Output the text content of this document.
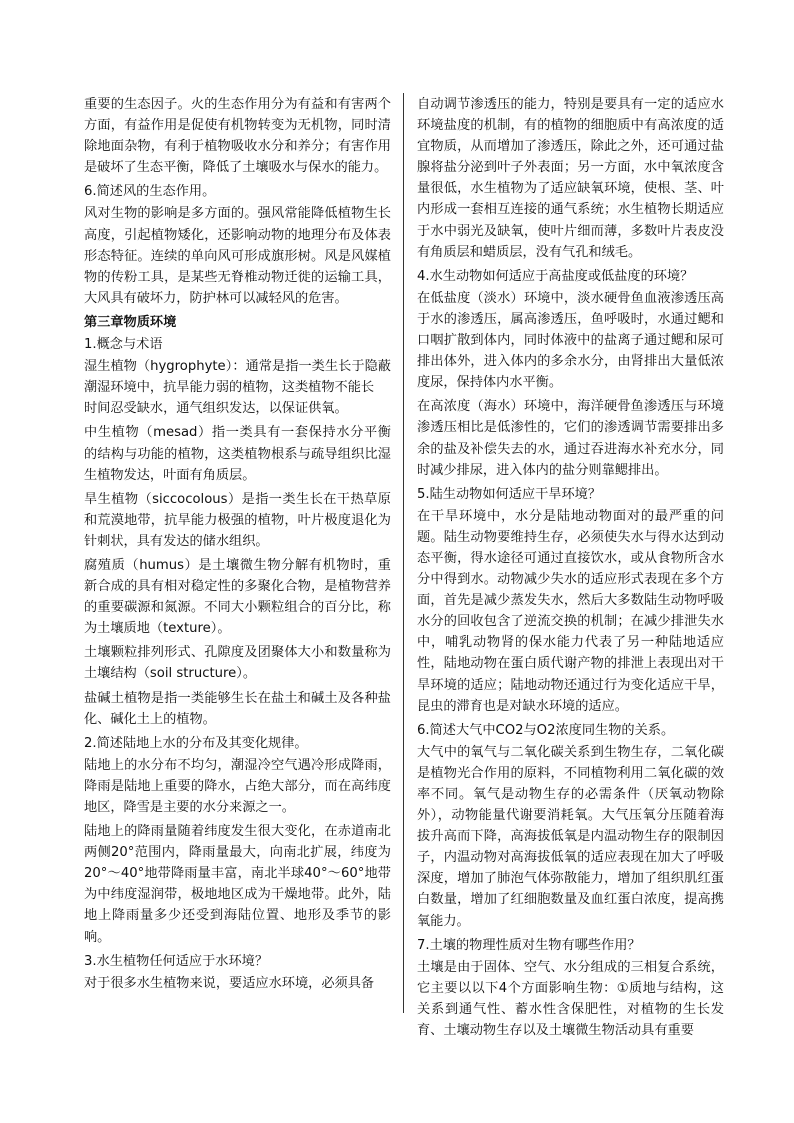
重要的生态因子。火的生态作用分为有益和有害两个方面，有益作用是促使有机物转变为无机物，同时清除地面杂物，有利于植物吸收水分和养分；有害作用是破坏了生态平衡，降低了土壤吸水与保水的能力。

6.简述风的生态作用。

风对生物的影响是多方面的。强风常能降低植物生长高度，引起植物矮化，还影响动物的地理分布及体表形态特征。连续的单向风可形成旗形树。风是风媒植物的传粉工具，是某些无脊椎动物迁徙的运输工具，大风具有破坏力，防护林可以减轻风的危害。

第三章物质环境

1.概念与术语

湿生植物（hygrophyte）：通常是指一类生长于隐蔽潮湿环境中，抗旱能力弱的植物，这类植物不能长

时间忍受缺水，通气组织发达，以保证供氧。

中生植物（mesad）指一类具有一套保持水分平衡的结构与功能的植物，这类植物根系与疏导组织比湿生植物发达，叶面有角质层。

旱生植物（siccocolous）是指一类生长在干热草原和荒漠地带，抗旱能力极强的植物，叶片极度退化为针刺状，具有发达的储水组织。

腐殖质（humus）是土壤微生物分解有机物时，重新合成的具有相对稳定性的多聚化合物，是植物营养的重要碳源和氮源。不同大小颗粒组合的百分比，称为土壤质地（texture）。

土壤颗粒排列形式、孔隙度及团聚体大小和数量称为土壤结构（soil structure）。

盐碱土植物是指一类能够生长在盐土和碱土及各种盐化、碱化土上的植物。

2.简述陆地上水的分布及其变化规律。

陆地上的水分布不均匀，潮湿冷空气遇冷形成降雨，降雨是陆地上重要的降水，占绝大部分，而在高纬度地区，降雪是主要的水分来源之一。

陆地上的降雨量随着纬度发生很大变化，在赤道南北两侧20°范围内，降雨量最大，向南北扩展，纬度为20°～40°地带降雨量丰富，南北半球40°～60°地带为中纬度湿润带，极地地区成为干燥地带。此外，陆地上降雨量多少还受到海陆位置、地形及季节的影响。

3.水生植物任何适应于水环境？

对于很多水生植物来说，要适应水环境，必须具备

自动调节渗透压的能力，特别是要具有一定的适应水环境盐度的机制，有的植物的细胞质中有高浓度的适宜物质，从而增加了渗透压，除此之外，还可通过盐腺将盐分泌到叶子外表面；另一方面，水中氧浓度含量很低，水生植物为了适应缺氧环境，使根、茎、叶内形成一套相互连接的通气系统；水生植物长期适应于水中弱光及缺氧，使叶片细而薄，多数叶片表皮没有角质层和蜡质层，没有气孔和绒毛。

4.水生动物如何适应于高盐度或低盐度的环境？

在低盐度（淡水）环境中，淡水硬骨鱼血液渗透压高于水的渗透压，属高渗透压，鱼呼吸时，水通过鳃和口咽扩散到体内，同时体液中的盐离子通过鳃和尿可排出体外，进入体内的多余水分，由肾排出大量低浓度尿，保持体内水平衡。

在高浓度（海水）环境中，海洋硬骨鱼渗透压与环境渗透压相比是低渗性的，它们的渗透调节需要排出多余的盐及补偿失去的水，通过吞进海水补充水分，同时减少排尿，进入体内的盐分则靠鳃排出。

5.陆生动物如何适应干旱环境？

在干旱环境中，水分是陆地动物面对的最严重的问题。陆生动物要维持生存，必须使失水与得水达到动态平衡，得水途径可通过直接饮水，或从食物所含水分中得到水。动物减少失水的适应形式表现在多个方面，首先是减少蒸发失水，然后大多数陆生动物呼吸水分的回收包含了逆流交换的机制；在减少排泄失水中，哺乳动物肾的保水能力代表了另一种陆地适应性，陆地动物在蛋白质代谢产物的排泄上表现出对干旱环境的适应；陆地动物还通过行为变化适应干旱，昆虫的滞育也是对缺水环境的适应。

6.简述大气中CO2与O2浓度同生物的关系。

大气中的氧气与二氧化碳关系到生物生存，二氧化碳是植物光合作用的原料，不同植物利用二氧化碳的效率不同。氧气是动物生存的必需条件（厌氧动物除外），动物能量代谢要消耗氧。大气压氧分压随着海拔升高而下降，高海拔低氧是内温动物生存的限制因子，内温动物对高海拔低氧的适应表现在加大了呼吸深度，增加了肺泡气体弥散能力，增加了组织肌红蛋白数量，增加了红细胞数量及血红蛋白浓度，提高携氧能力。

7.土壤的物理性质对生物有哪些作用？

土壤是由于固体、空气、水分组成的三相复合系统，它主要以以下4个方面影响生物：①质地与结构，这关系到通气性、蓄水性含保肥性，对植物的生长发育、土壤动物生存以及土壤微生物活动具有重要
